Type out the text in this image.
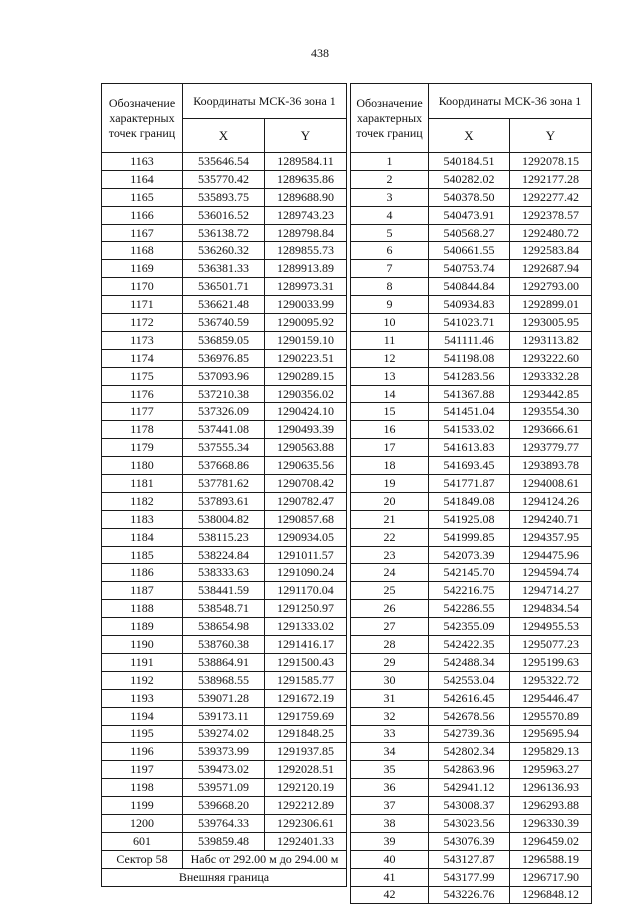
438
Обозначение характерных точек границ	Координаты МСК-36 зона 1	
	X	Y
1163	535646.54	1289584.11
1164	535770.42	1289635.86
1165	535893.75	1289688.90
1166	536016.52	1289743.23
1167	536138.72	1289798.84
1168	536260.32	1289855.73
1169	536381.33	1289913.89
1170	536501.71	1289973.31
1171	536621.48	1290033.99
1172	536740.59	1290095.92
1173	536859.05	1290159.10
1174	536976.85	1290223.51
1175	537093.96	1290289.15
1176	537210.38	1290356.02
1177	537326.09	1290424.10
1178	537441.08	1290493.39
1179	537555.34	1290563.88
1180	537668.86	1290635.56
1181	537781.62	1290708.42
1182	537893.61	1290782.47
1183	538004.82	1290857.68
1184	538115.23	1290934.05
1185	538224.84	1291011.57
1186	538333.63	1291090.24
1187	538441.59	1291170.04
1188	538548.71	1291250.97
1189	538654.98	1291333.02
1190	538760.38	1291416.17
1191	538864.91	1291500.43
1192	538968.55	1291585.77
1193	539071.28	1291672.19
1194	539173.11	1291759.69
1195	539274.02	1291848.25
1196	539373.99	1291937.85
1197	539473.02	1292028.51
1198	539571.09	1292120.19
1199	539668.20	1292212.89
1200	539764.33	1292306.61
601	539859.48	1292401.33
Сектор 58	Набс от 292.00 м до 294.00 м	

Внешняя граница		
Обозначение характерных точек границ	Координаты МСК-36 зона 1	
	X	Y
1	540184.51	1292078.15
2	540282.02	1292177.28
3	540378.50	1292277.42
4	540473.91	1292378.57
5	540568.27	1292480.72
6	540661.55	1292583.84
7	540753.74	1292687.94
8	540844.84	1292793.00
9	540934.83	1292899.01
10	541023.71	1293005.95
11	541111.46	1293113.82
12	541198.08	1293222.60
13	541283.56	1293332.28
14	541367.88	1293442.85
15	541451.04	1293554.30
16	541533.02	1293666.61
17	541613.83	1293779.77
18	541693.45	1293893.78
19	541771.87	1294008.61
20	541849.08	1294124.26
21	541925.08	1294240.71
22	541999.85	1294357.95
23	542073.39	1294475.96
24	542145.70	1294594.74
25	542216.75	1294714.27
26	542286.55	1294834.54
27	542355.09	1294955.53
28	542422.35	1295077.23
29	542488.34	1295199.63
30	542553.04	1295322.72
31	542616.45	1295446.47
32	542678.56	1295570.89
33	542739.36	1295695.94
34	542802.34	1295829.13
35	542863.96	1295963.27
36	542941.12	1296136.93
37	543008.37	1296293.88
38	543023.56	1296330.39
39	543076.39	1296459.02
40	543127.87	1296588.19
41	543177.99	1296717.90
42	543226.76	1296848.12
